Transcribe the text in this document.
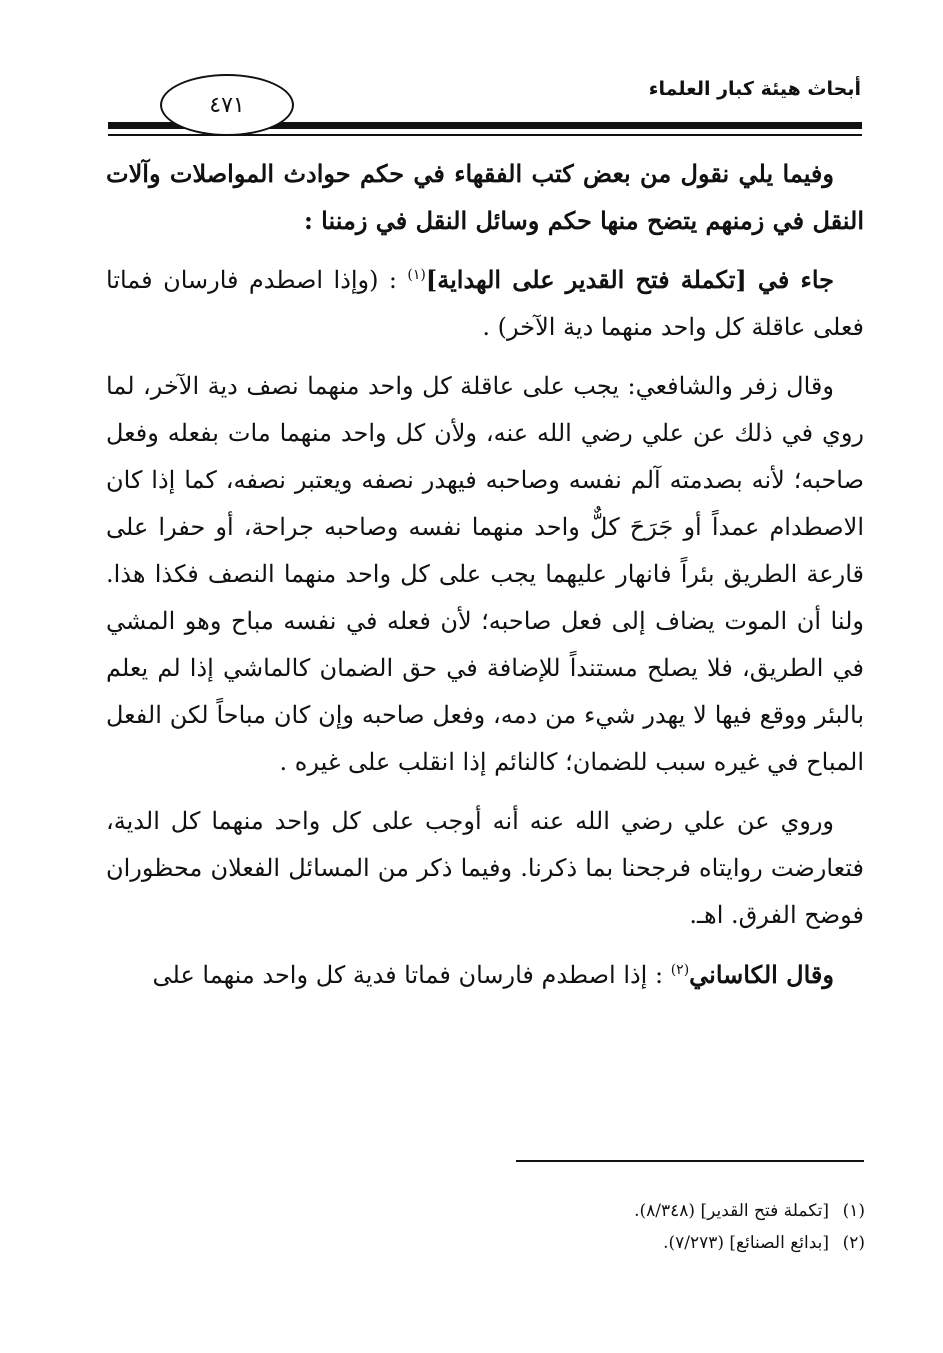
أبحاث هيئة كبار العلماء
٤٧١

وفيما يلي نقول من بعض كتب الفقهاء في حكم حوادث المواصلات وآلات النقل في زمنهم يتضح منها حكم وسائل النقل في زمننا :

جاء في [تكملة فتح القدير على الهداية]$^{(١)}$ : (وإذا اصطدم فارسان فماتا فعلى عاقلة كل واحد منهما دية الآخر) .

وقال زفر والشافعي: يجب على عاقلة كل واحد منهما نصف دية الآخر، لما روي في ذلك عن علي رضي الله عنه، ولأن كل واحد منهما مات بفعله وفعل صاحبه؛ لأنه بصدمته آلم نفسه وصاحبه فيهدر نصفه ويعتبر نصفه، كما إذا كان الاصطدام عمداً أو جَرَحَ كلٌّ واحد منهما نفسه وصاحبه جراحة، أو حفرا على قارعة الطريق بئراً فانهار عليهما يجب على كل واحد منهما النصف فكذا هذا. ولنا أن الموت يضاف إلى فعل صاحبه؛ لأن فعله في نفسه مباح وهو المشي في الطريق، فلا يصلح مستنداً للإضافة في حق الضمان كالماشي إذا لم يعلم بالبئر ووقع فيها لا يهدر شيء من دمه، وفعل صاحبه وإن كان مباحاً لكن الفعل المباح في غيره سبب للضمان؛ كالنائم إذا انقلب على غيره .

وروي عن علي رضي الله عنه أنه أوجب على كل واحد منهما كل الدية، فتعارضت روايتاه فرجحنا بما ذكرنا. وفيما ذكر من المسائل الفعلان محظوران فوضح الفرق. اهـ.

وقال الكاساني$^{(٢)}$ : إذا اصطدم فارسان فماتا فدية كل واحد منهما على

(١)[تكملة فتح القدير] (٨/٣٤٨).
(٢)[بدائع الصنائع] (٧/٢٧٣).
